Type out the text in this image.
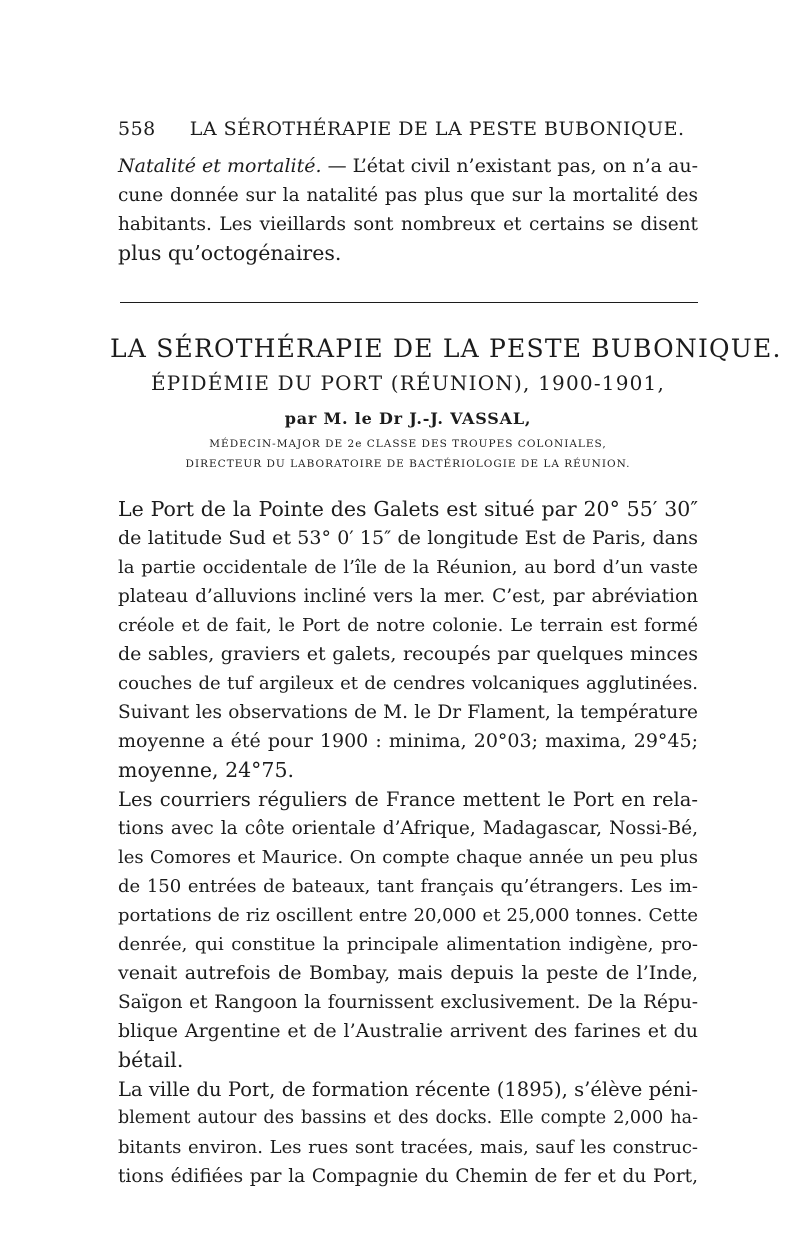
558 LA SÉROTHÉRAPIE DE LA PESTE BUBONIQUE.
Natalité et mortalité. — L’état civil n’existant pas, on n’a au-
cune donnée sur la natalité pas plus que sur la mortalité des
habitants. Les vieillards sont nombreux et certains se disent
plus qu’octogénaires.
LA SÉROTHÉRAPIE DE LA PESTE BUBONIQUE.
ÉPIDÉMIE DU PORT (RÉUNION), 1900-1901,
par M. le Dr J.-J. VASSAL,
MÉDECIN-MAJOR DE 2e CLASSE DES TROUPES COLONIALES,
DIRECTEUR DU LABORATOIRE DE BACTÉRIOLOGIE DE LA RÉUNION.
Le Port de la Pointe des Galets est situé par 20° 55′ 30″
de latitude Sud et 53° 0′ 15″ de longitude Est de Paris, dans
la partie occidentale de l’île de la Réunion, au bord d’un vaste
plateau d’alluvions incliné vers la mer. C’est, par abréviation
créole et de fait, le Port de notre colonie. Le terrain est formé
de sables, graviers et galets, recoupés par quelques minces
couches de tuf argileux et de cendres volcaniques agglutinées.
Suivant les observations de M. le Dr Flament, la température
moyenne a été pour 1900 : minima, 20°03; maxima, 29°45;
moyenne, 24°75.
Les courriers réguliers de France mettent le Port en rela-
tions avec la côte orientale d’Afrique, Madagascar, Nossi-Bé,
les Comores et Maurice. On compte chaque année un peu plus
de 150 entrées de bateaux, tant français qu’étrangers. Les im-
portations de riz oscillent entre 20,000 et 25,000 tonnes. Cette
denrée, qui constitue la principale alimentation indigène, pro-
venait autrefois de Bombay, mais depuis la peste de l’Inde,
Saïgon et Rangoon la fournissent exclusivement. De la Répu-
blique Argentine et de l’Australie arrivent des farines et du
bétail.
La ville du Port, de formation récente (1895), s’élève péni-
blement autour des bassins et des docks. Elle compte 2,000 ha-
bitants environ. Les rues sont tracées, mais, sauf les construc-
tions édifiées par la Compagnie du Chemin de fer et du Port,
